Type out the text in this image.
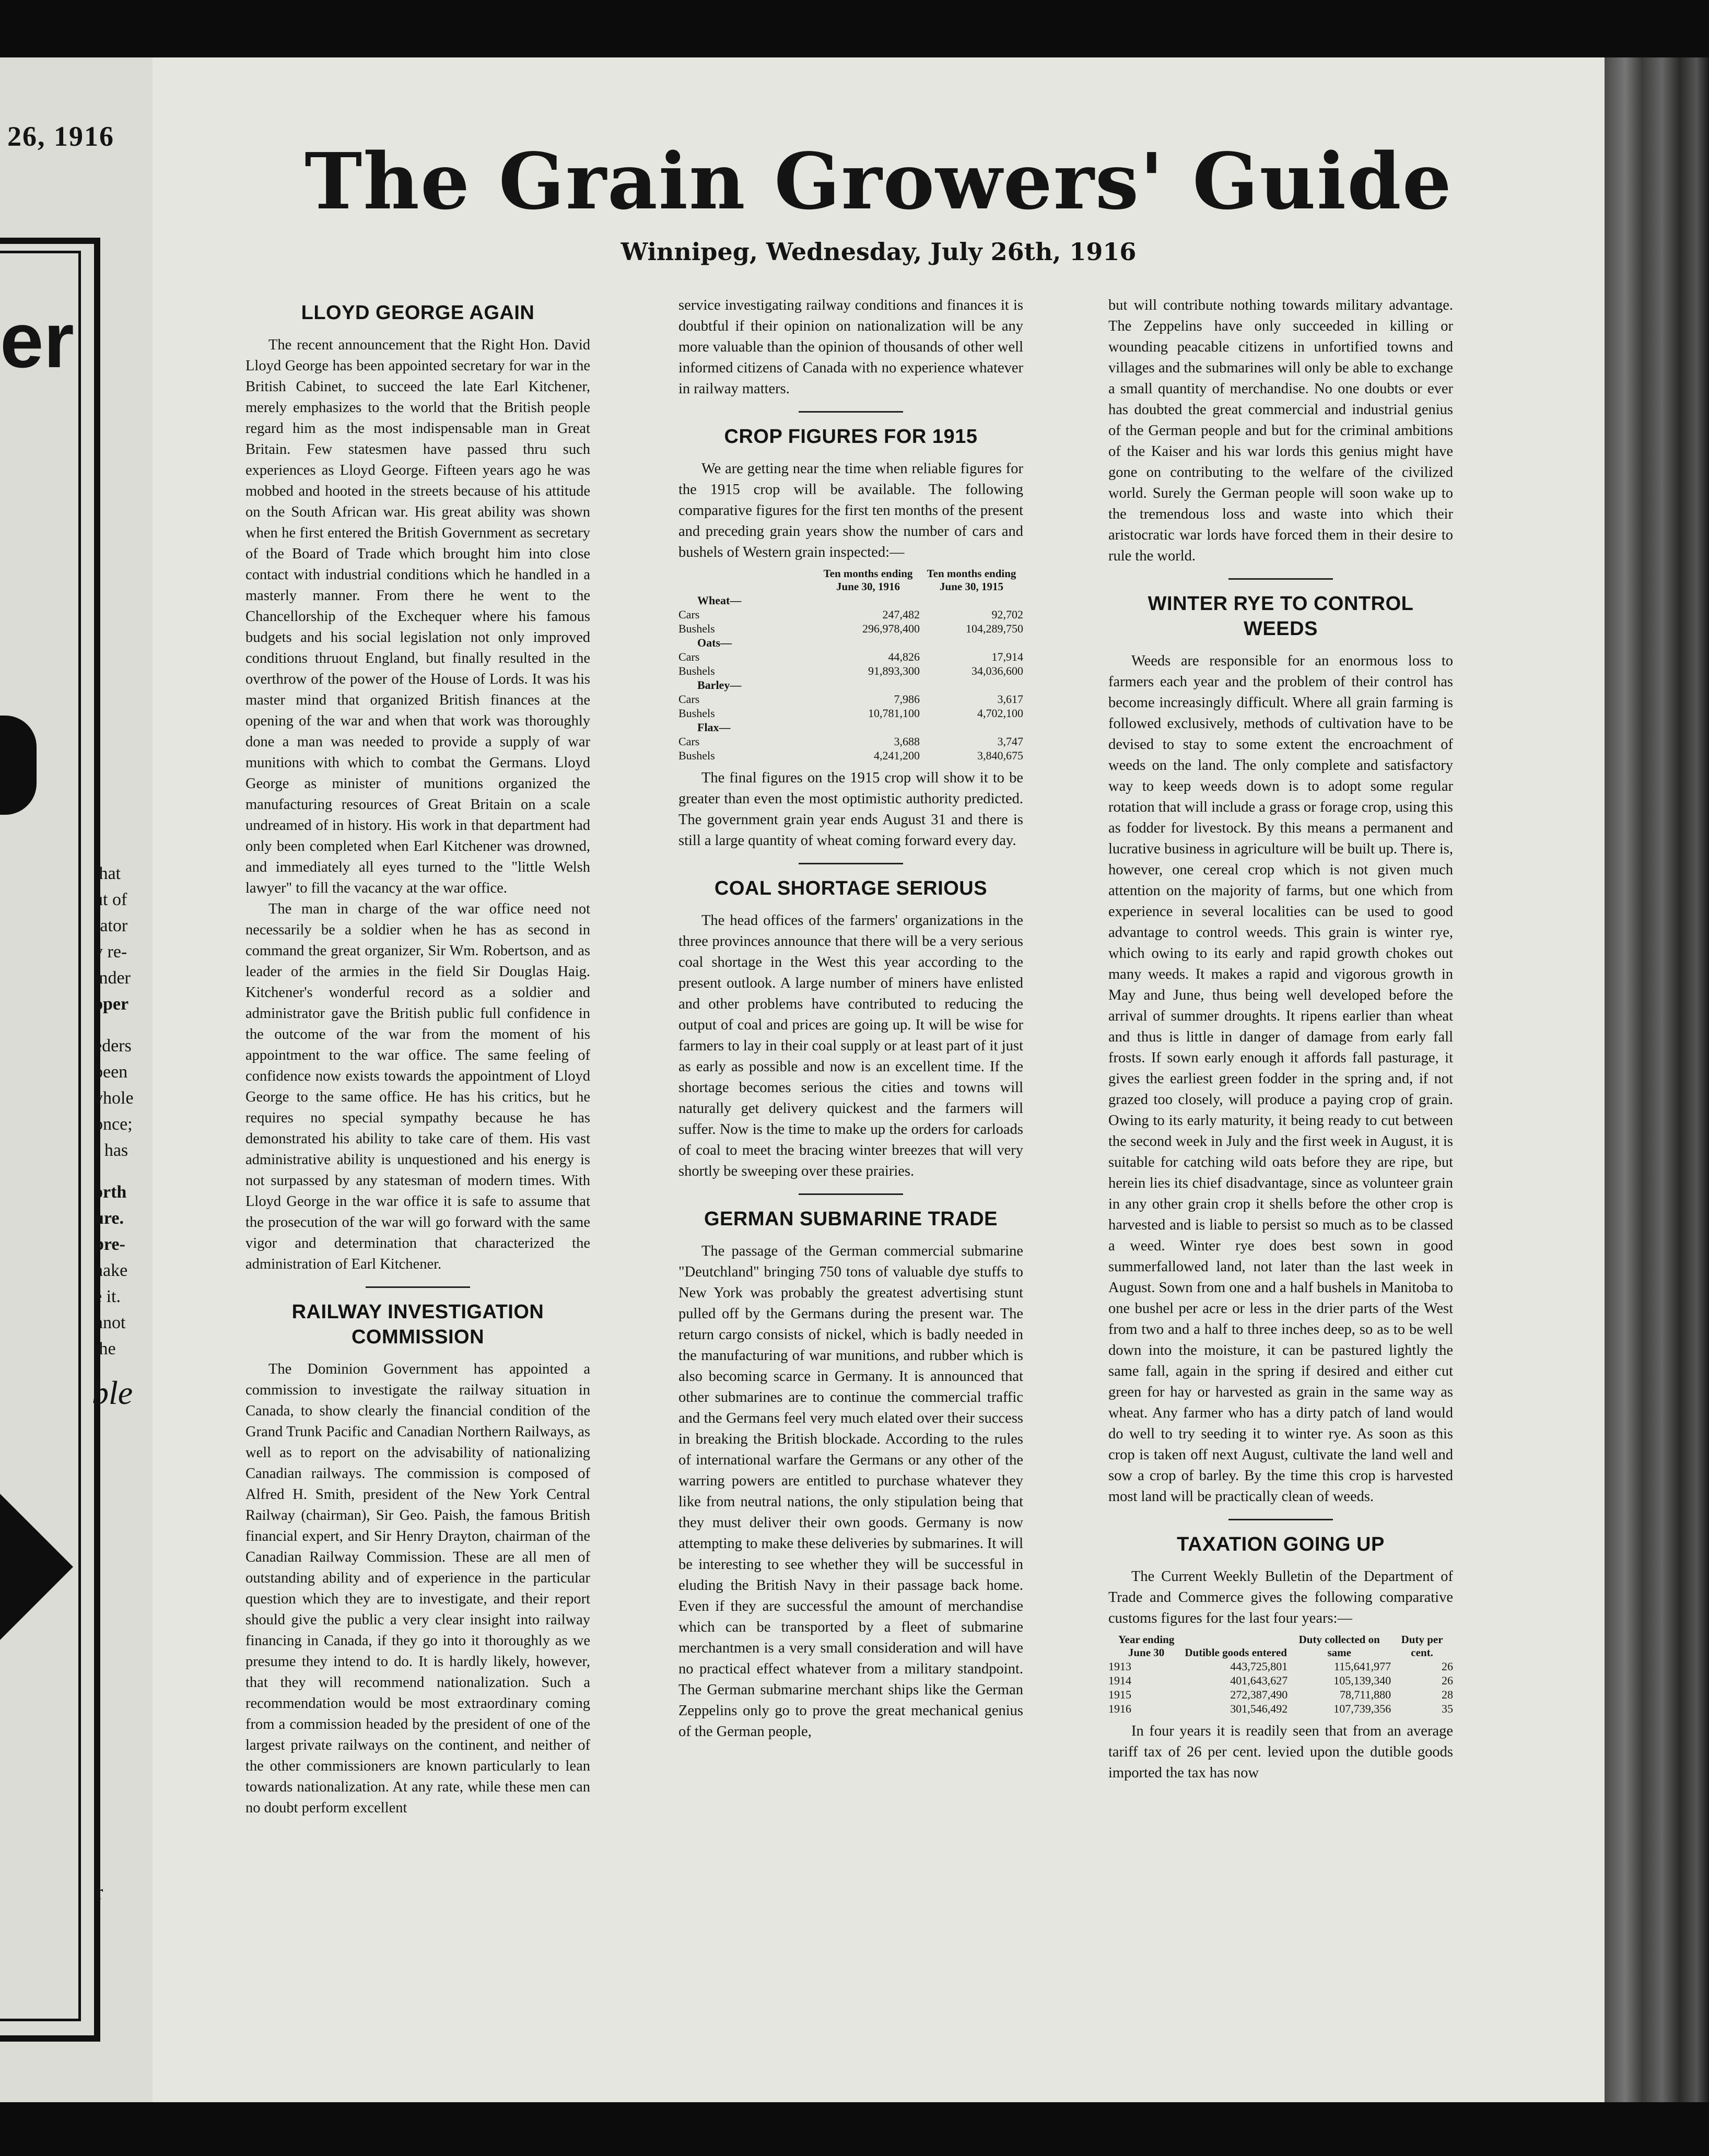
26, 1916
er
that
ut of
rator
y re-
inder
oper
eders
been
vhole
once;
f has
orth
ure.
pre-
nake
e it.
nnot
the
ble
r
The Grain Growers' Guide
Winnipeg, Wednesday, July 26th, 1916
LLOYD GEORGE AGAIN

The recent announcement that the Right Hon. David Lloyd George has been appointed secretary for war in the British Cabinet, to succeed the late Earl Kitchener, merely emphasizes to the world that the British people regard him as the most indispensable man in Great Britain. Few statesmen have passed thru such experiences as Lloyd George. Fifteen years ago he was mobbed and hooted in the streets because of his attitude on the South African war. His great ability was shown when he first entered the British Government as secretary of the Board of Trade which brought him into close contact with industrial conditions which he handled in a masterly manner. From there he went to the Chancellorship of the Exchequer where his famous budgets and his social legislation not only improved conditions thruout England, but finally resulted in the overthrow of the power of the House of Lords. It was his master mind that organized British finances at the opening of the war and when that work was thoroughly done a man was needed to provide a supply of war munitions with which to combat the Germans. Lloyd George as minister of munitions organized the manufacturing resources of Great Britain on a scale undreamed of in history. His work in that department had only been completed when Earl Kitchener was drowned, and immediately all eyes turned to the "little Welsh lawyer" to fill the vacancy at the war office.

The man in charge of the war office need not necessarily be a soldier when he has as second in command the great organizer, Sir Wm. Robertson, and as leader of the armies in the field Sir Douglas Haig. Kitchener's wonderful record as a soldier and administrator gave the British public full confidence in the outcome of the war from the moment of his appointment to the war office. The same feeling of confidence now exists towards the appointment of Lloyd George to the same office. He has his critics, but he requires no special sympathy because he has demonstrated his ability to take care of them. His vast administrative ability is unquestioned and his energy is not surpassed by any statesman of modern times. With Lloyd George in the war office it is safe to assume that the prosecution of the war will go forward with the same vigor and determination that characterized the administration of Earl Kitchener.

RAILWAY INVESTIGATION COMMISSION

The Dominion Government has appointed a commission to investigate the railway situation in Canada, to show clearly the financial condition of the Grand Trunk Pacific and Canadian Northern Railways, as well as to report on the advisability of nationalizing Canadian railways. The commission is composed of Alfred H. Smith, president of the New York Central Railway (chairman), Sir Geo. Paish, the famous British financial expert, and Sir Henry Drayton, chairman of the Canadian Railway Commission. These are all men of outstanding ability and of experience in the particular question which they are to investigate, and their report should give the public a very clear insight into railway financing in Canada, if they go into it thoroughly as we presume they intend to do. It is hardly likely, however, that they will recommend nationalization. Such a recommendation would be most extraordinary coming from a commission headed by the president of one of the largest private railways on the continent, and neither of the other commissioners are known particularly to lean towards nationalization. At any rate, while these men can no doubt perform excellent

service investigating railway conditions and finances it is doubtful if their opinion on nationalization will be any more valuable than the opinion of thousands of other well informed citizens of Canada with no experience whatever in railway matters.

CROP FIGURES FOR 1915

We are getting near the time when reliable figures for the 1915 crop will be available. The following comparative figures for the first ten months of the present and preceding grain years show the number of cars and bushels of Western grain inspected:—

	Ten months ending June 30, 1916	Ten months ending June 30, 1915
Wheat—		
Cars	247,482	92,702
Bushels	296,978,400	104,289,750
Oats—		
Cars	44,826	17,914
Bushels	91,893,300	34,036,600
Barley—		
Cars	7,986	3,617
Bushels	10,781,100	4,702,100
Flax—		
Cars	3,688	3,747
Bushels	4,241,200	3,840,675

The final figures on the 1915 crop will show it to be greater than even the most optimistic authority predicted. The government grain year ends August 31 and there is still a large quantity of wheat coming forward every day.

COAL SHORTAGE SERIOUS

The head offices of the farmers' organizations in the three provinces announce that there will be a very serious coal shortage in the West this year according to the present outlook. A large number of miners have enlisted and other problems have contributed to reducing the output of coal and prices are going up. It will be wise for farmers to lay in their coal supply or at least part of it just as early as possible and now is an excellent time. If the shortage becomes serious the cities and towns will naturally get delivery quickest and the farmers will suffer. Now is the time to make up the orders for carloads of coal to meet the bracing winter breezes that will very shortly be sweeping over these prairies.

GERMAN SUBMARINE TRADE

The passage of the German commercial submarine "Deutchland" bringing 750 tons of valuable dye stuffs to New York was probably the greatest advertising stunt pulled off by the Germans during the present war. The return cargo consists of nickel, which is badly needed in the manufacturing of war munitions, and rubber which is also becoming scarce in Germany. It is announced that other submarines are to continue the commercial traffic and the Germans feel very much elated over their success in breaking the British blockade. According to the rules of international warfare the Germans or any other of the warring powers are entitled to purchase whatever they like from neutral nations, the only stipulation being that they must deliver their own goods. Germany is now attempting to make these deliveries by submarines. It will be interesting to see whether they will be successful in eluding the British Navy in their passage back home. Even if they are successful the amount of merchandise which can be transported by a fleet of submarine merchantmen is a very small consideration and will have no practical effect whatever from a military standpoint. The German submarine merchant ships like the German Zeppelins only go to prove the great mechanical genius of the German people,

but will contribute nothing towards military advantage. The Zeppelins have only succeeded in killing or wounding peacable citizens in unfortified towns and villages and the submarines will only be able to exchange a small quantity of merchandise. No one doubts or ever has doubted the great commercial and industrial genius of the German people and but for the criminal ambitions of the Kaiser and his war lords this genius might have gone on contributing to the welfare of the civilized world. Surely the German people will soon wake up to the tremendous loss and waste into which their aristocratic war lords have forced them in their desire to rule the world.

WINTER RYE TO CONTROL WEEDS

Weeds are responsible for an enormous loss to farmers each year and the problem of their control has become increasingly difficult. Where all grain farming is followed exclusively, methods of cultivation have to be devised to stay to some extent the encroachment of weeds on the land. The only complete and satisfactory way to keep weeds down is to adopt some regular rotation that will include a grass or forage crop, using this as fodder for livestock. By this means a permanent and lucrative business in agriculture will be built up. There is, however, one cereal crop which is not given much attention on the majority of farms, but one which from experience in several localities can be used to good advantage to control weeds. This grain is winter rye, which owing to its early and rapid growth chokes out many weeds. It makes a rapid and vigorous growth in May and June, thus being well developed before the arrival of summer droughts. It ripens earlier than wheat and thus is little in danger of damage from early fall frosts. If sown early enough it affords fall pasturage, it gives the earliest green fodder in the spring and, if not grazed too closely, will produce a paying crop of grain. Owing to its early maturity, it being ready to cut between the second week in July and the first week in August, it is suitable for catching wild oats before they are ripe, but herein lies its chief disadvantage, since as volunteer grain in any other grain crop it shells before the other crop is harvested and is liable to persist so much as to be classed a weed. Winter rye does best sown in good summerfallowed land, not later than the last week in August. Sown from one and a half bushels in Manitoba to one bushel per acre or less in the drier parts of the West from two and a half to three inches deep, so as to be well down into the moisture, it can be pastured lightly the same fall, again in the spring if desired and either cut green for hay or harvested as grain in the same way as wheat. Any farmer who has a dirty patch of land would do well to try seeding it to winter rye. As soon as this crop is taken off next August, cultivate the land well and sow a crop of barley. By the time this crop is harvested most land will be practically clean of weeds.

TAXATION GOING UP

The Current Weekly Bulletin of the Department of Trade and Commerce gives the following comparative customs figures for the last four years:—

Year ending June 30	Dutible goods entered	Duty collected on same	Duty per cent.
1913	443,725,801	115,641,977	26
1914	401,643,627	105,139,340	26
1915	272,387,490	78,711,880	28
1916	301,546,492	107,739,356	35

In four years it is readily seen that from an average tariff tax of 26 per cent. levied upon the dutible goods imported the tax has now
